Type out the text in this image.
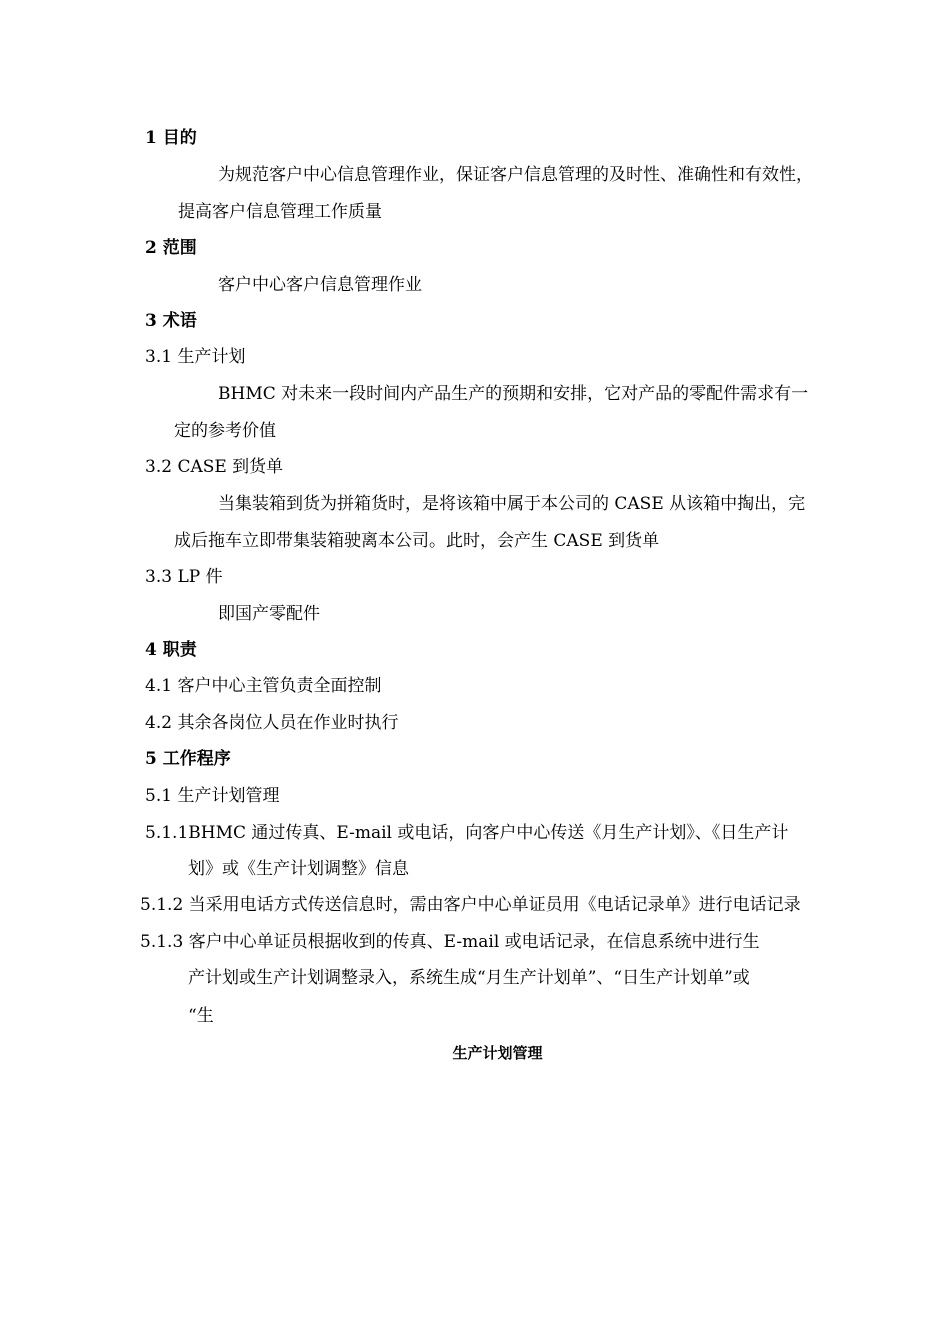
1 目的
为规范客户中心信息管理作业，保证客户信息管理的及时性、准确性和有效性，
提高客户信息管理工作质量
2 范围
客户中心客户信息管理作业
3 术语
3.1 生产计划
BHMC 对未来一段时间内产品生产的预期和安排，它对产品的零配件需求有一
定的参考价值
3.2 CASE 到货单
当集装箱到货为拼箱货时，是将该箱中属于本公司的 CASE 从该箱中掏出，完
成后拖车立即带集装箱驶离本公司。此时，会产生 CASE 到货单
3.3 LP 件
即国产零配件
4 职责
4.1 客户中心主管负责全面控制
4.2 其余各岗位人员在作业时执行
5 工作程序
5.1 生产计划管理
5.1.1BHMC 通过传真、E-mail 或电话，向客户中心传送《月生产计划》、《日生产计
划》或《生产计划调整》信息
5.1.2 当采用电话方式传送信息时，需由客户中心单证员用《电话记录单》进行电话记录
5.1.3 客户中心单证员根据收到的传真、E-mail 或电话记录，在信息系统中进行生
产计划或生产计划调整录入，系统生成“月生产计划单”、“日生产计划单”或
“生
生产计划管理
